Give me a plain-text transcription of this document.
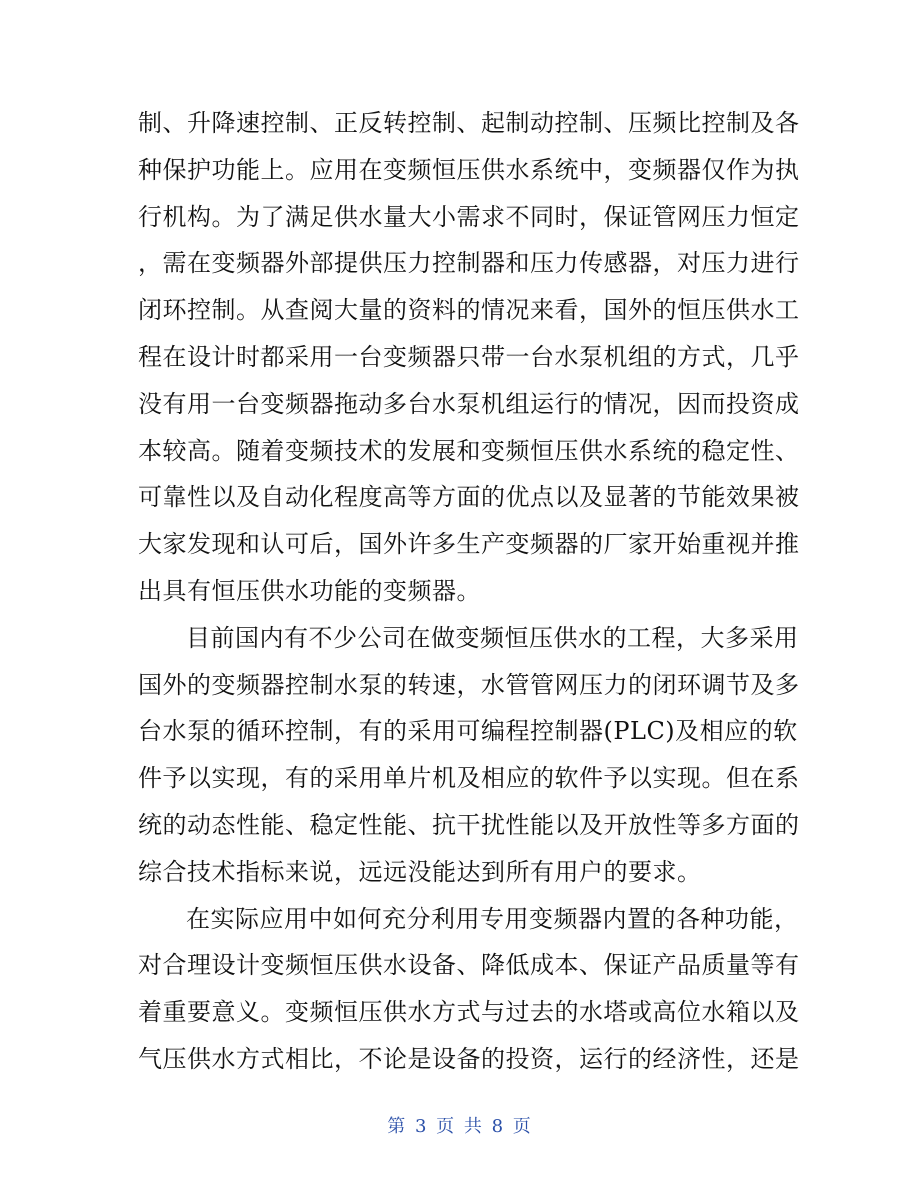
制、升降速控制、正反转控制、起制动控制、压频比控制及各
种保护功能上。应用在变频恒压供水系统中，变频器仅作为执
行机构。为了满足供水量大小需求不同时，保证管网压力恒定
，需在变频器外部提供压力控制器和压力传感器，对压力进行
闭环控制。从查阅大量的资料的情况来看，国外的恒压供水工
程在设计时都采用一台变频器只带一台水泵机组的方式，几乎
没有用一台变频器拖动多台水泵机组运行的情况，因而投资成
本较高。随着变频技术的发展和变频恒压供水系统的稳定性、
可靠性以及自动化程度高等方面的优点以及显著的节能效果被
大家发现和认可后，国外许多生产变频器的厂家开始重视并推
出具有恒压供水功能的变频器。
目前国内有不少公司在做变频恒压供水的工程，大多采用
国外的变频器控制水泵的转速，水管管网压力的闭环调节及多
台水泵的循环控制，有的采用可编程控制器(PLC)及相应的软
件予以实现，有的采用单片机及相应的软件予以实现。但在系
统的动态性能、稳定性能、抗干扰性能以及开放性等多方面的
综合技术指标来说，远远没能达到所有用户的要求。
在实际应用中如何充分利用专用变频器内置的各种功能，
对合理设计变频恒压供水设备、降低成本、保证产品质量等有
着重要意义。变频恒压供水方式与过去的水塔或高位水箱以及
气压供水方式相比，不论是设备的投资，运行的经济性，还是
第 3 页 共 8 页
